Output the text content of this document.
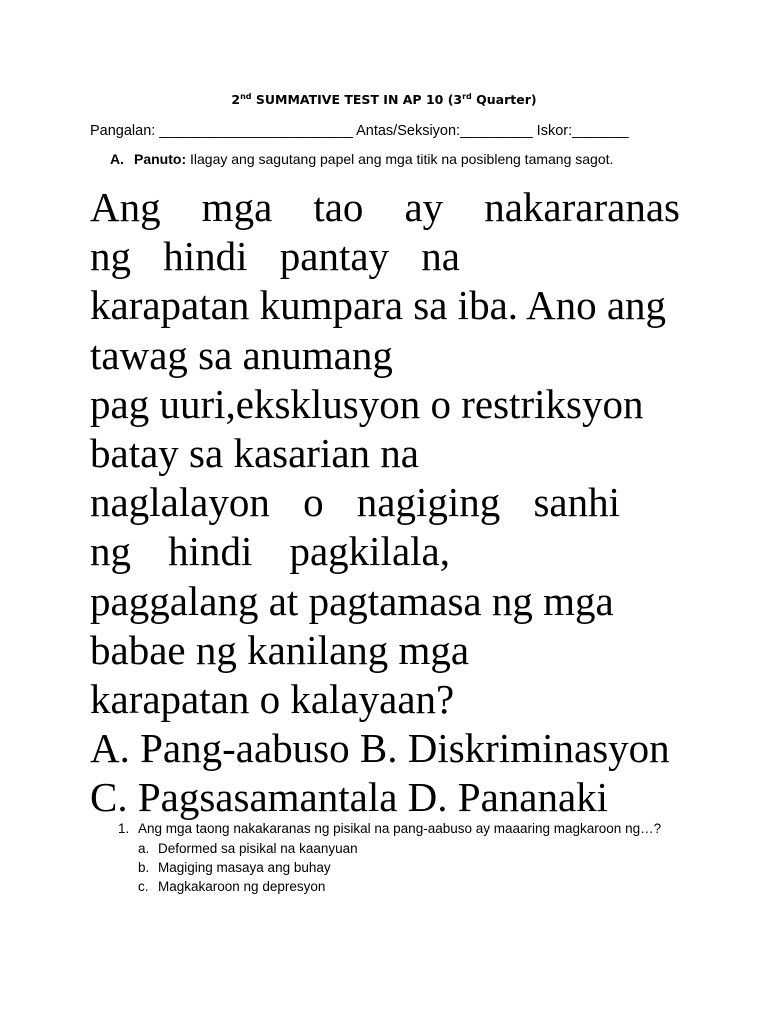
2nd SUMMATIVE TEST IN AP 10 (3rd Quarter)
Pangalan: ________________________ Antas/Seksiyon:_________ Iskor:_______
A. Panuto: Ilagay ang sagutang papel ang mga titik na posibleng tamang sagot.
Ang mga tao ay nakararanas
ng hindi pantay na
karapatan kumpara sa iba. Ano ang
tawag sa anumang
pag uuri,eksklusyon o restriksyon
batay sa kasarian na
naglalayon o nagiging sanhi
ng hindi pagkilala,
paggalang at pagtamasa ng mga
babae ng kanilang mga
karapatan o kalayaan?
A. Pang-aabuso B. Diskriminasyon
C. Pagsasamantala D. Pananaki
1. Ang mga taong nakakaranas ng pisikal na pang-aabuso ay maaaring magkaroon ng…?
a. Deformed sa pisikal na kaanyuan
b. Magiging masaya ang buhay
c. Magkakaroon ng depresyon
